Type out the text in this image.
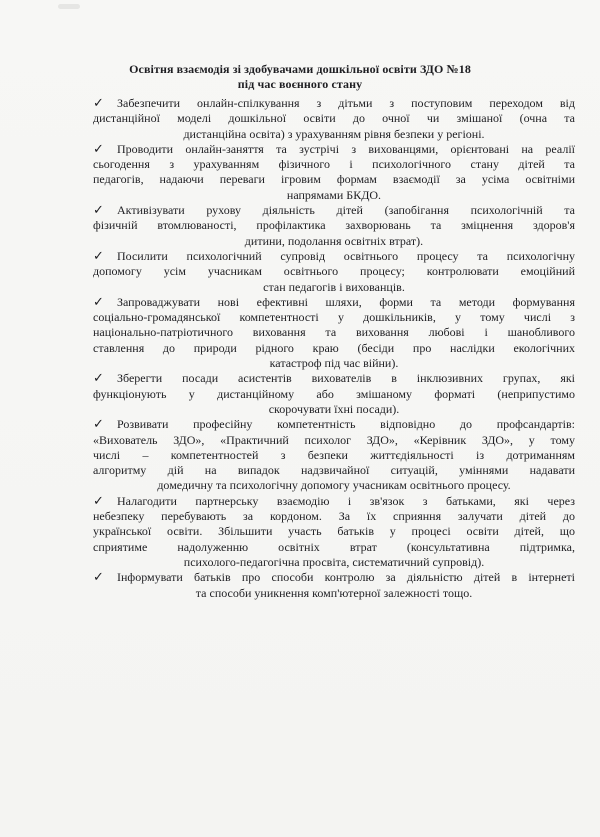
Освітня взаємодія зі здобувачами дошкільної освіти ЗДО №18
під час воєнного стану
✓	Забезпечити онлайн-спілкування з дітьми з поступовим переходом від
дистанційної моделі дошкільної освіти до очної чи змішаної (очна та
дистанційна освіта) з урахуванням рівня безпеки у регіоні.
✓	Проводити онлайн-заняття та зустрічі з вихованцями, орієнтовані на реалії
сьогодення з урахуванням фізичного і психологічного стану дітей та
педагогів, надаючи переваги ігровим формам взаємодії за усіма освітніми
напрямами БКДО.
✓	Активізувати рухову діяльність дітей (запобігання психологічній та
фізичній втомлюваності, профілактика захворювань та зміцнення здоров'я
дитини, подолання освітніх втрат).
✓	Посилити психологічний супровід освітнього процесу та психологічну
допомогу усім учасникам освітнього процесу; контролювати емоційний
стан педагогів і вихованців.
✓	Запроваджувати нові ефективні шляхи, форми та методи формування
соціально-громадянської компетентності у дошкільників, у тому числі з
національно-патріотичного виховання та виховання любові і шанобливого
ставлення до природи рідного краю (бесіди про наслідки екологічних
катастроф під час війни).
✓	Зберегти посади асистентів вихователів в інклюзивних групах, які
функціонують у дистанційному або змішаному форматі (неприпустимо
скорочувати їхні посади).
✓	Розвивати професійну компетентність відповідно до профсандартів:
«Вихователь ЗДО», «Практичний психолог ЗДО», «Керівник ЗДО», у тому
числі – компетентностей з безпеки життєдіяльності із дотриманням
алгоритму дій на випадок надзвичайної ситуацій, уміннями надавати
домедичну та психологічну допомогу учасникам освітнього процесу.
✓	Налагодити партнерську взаємодію і зв'язок з батьками, які через
небезпеку перебувають за кордоном. За їх сприяння залучати дітей до
української освіти. Збільшити участь батьків у процесі освіти дітей, що
сприятиме надолуженню освітніх втрат (консультативна підтримка,
психолого-педагогічна просвіта, систематичний супровід).
✓	Інформувати батьків про способи контролю за діяльністю дітей в інтернеті
та способи уникнення комп'ютерної залежності тощо.
